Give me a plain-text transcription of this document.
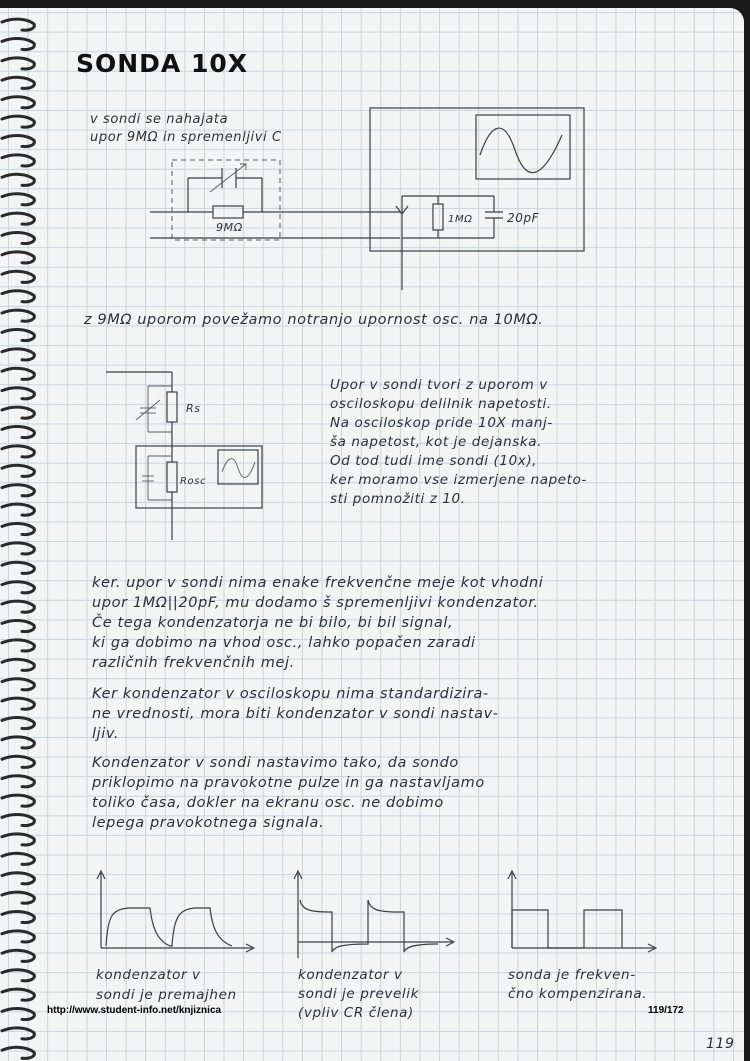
SONDA 10X
v sondi se nahajata
upor 9MΩ in spremenljivi C
9MΩ
1MΩ	20pF
z 9MΩ uporom povežamo notranjo upornost osc. na 10MΩ.
Rs
Rosc
Upor v sondi tvori z uporom v
osciloskopu delilnik napetosti.
Na osciloskop pride 10X manj-
ša napetost, kot je dejanska.
Od tod tudi ime sondi (10x),
ker moramo vse izmerjene napeto-
sti pomnožiti z 10.
ker. upor v sondi nima enake frekvenčne meje kot vhodni
upor 1MΩ||20pF, mu dodamo š spremenljivi kondenzator.
Če tega kondenzatorja ne bi bilo, bi bil signal,
ki ga dobimo na vhod osc., lahko popačen zaradi
različnih frekvenčnih mej.
Ker kondenzator v osciloskopu nima standardizira-
ne vrednosti, mora biti kondenzator v sondi nastav-
ljiv.
Kondenzator v sondi nastavimo tako, da sondo
priklopimo na pravokotne pulze in ga nastavljamo
toliko časa, dokler na ekranu osc. ne dobimo
lepega pravokotnega signala.
kondenzator v
sondi je premajhen
kondenzator v
sondi je prevelik
(vpliv CR člena)
sonda je frekven-
čno kompenzirana.
119
http://www.student-info.net/knjiznica	119/172
